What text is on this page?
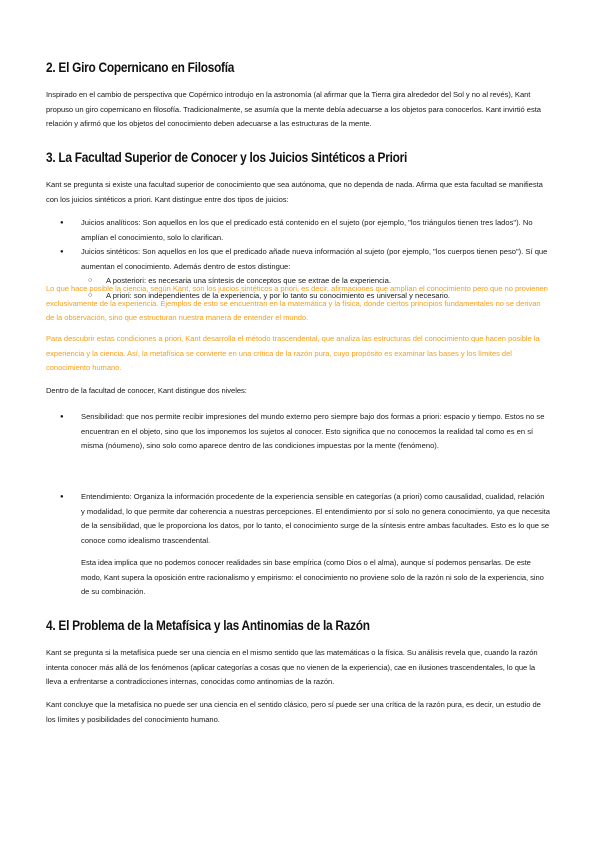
2. El Giro Copernicano en Filosofía

Inspirado en el cambio de perspectiva que Copérnico introdujo en la astronomía (al afirmar que la Tierra gira alrededor del Sol y no al revés), Kant propuso un giro copernicano en filosofía. Tradicionalmente, se asumía que la mente debía adecuarse a los objetos para conocerlos. Kant invirtió esta relación y afirmó que los objetos del conocimiento deben adecuarse a las estructuras de la mente.

3. La Facultad Superior de Conocer y los Juicios Sintéticos a Priori

Kant se pregunta si existe una facultad superior de conocimiento que sea autónoma, que no dependa de nada. Afirma que esta facultad se manifiesta con los juicios sintéticos a priori. Kant distingue entre dos tipos de juicios:

● Juicios analíticos: Son aquellos en los que el predicado está contenido en el sujeto (por ejemplo, "los triángulos tienen tres lados"). No amplían el conocimiento, solo lo clarifican.
● Juicios sintéticos: Son aquellos en los que el predicado añade nueva información al sujeto (por ejemplo, "los cuerpos tienen peso"). Sí que aumentan el conocimiento. Además dentro de estos distingue:
○ A posteriori: es necesaria una síntesis de conceptos que se extrae de la experiencia.
○ A priori: son independientes de la experiencia, y por lo tanto su conocimiento es universal y necesario.

Lo que hace posible la ciencia, según Kant, son los juicios sintéticos a priori, es decir, afirmaciones que amplían el conocimiento pero que no provienen exclusivamente de la experiencia. Ejemplos de esto se encuentran en la matemática y la física, donde ciertos principios fundamentales no se derivan de la observación, sino que estructuran nuestra manera de entender el mundo.

Para descubrir estas condiciones a priori, Kant desarrolla el método trascendental, que analiza las estructuras del conocimiento que hacen posible la experiencia y la ciencia. Así, la metafísica se convierte en una crítica de la razón pura, cuyo propósito es examinar las bases y los límites del conocimiento humano.

Dentro de la facultad de conocer, Kant distingue dos niveles:

● Sensibilidad: que nos permite recibir impresiones del mundo externo pero siempre bajo dos formas a priori: espacio y tiempo. Estos no se encuentran en el objeto, sino que los imponemos los sujetos al conocer. Esto significa que no conocemos la realidad tal como es en sí misma (nóumeno), sino solo como aparece dentro de las condiciones impuestas por la mente (fenómeno).
● Entendimiento: Organiza la información procedente de la experiencia sensible en categorías (a priori) como causalidad, cualidad, relación y modalidad, lo que permite dar coherencia a nuestras percepciones. El entendimiento por sí solo no genera conocimiento, ya que necesita de la sensibilidad, que le proporciona los datos, por lo tanto, el conocimiento surge de la síntesis entre ambas facultades. Esto es lo que se conoce como idealismo trascendental.

Esta idea implica que no podemos conocer realidades sin base empírica (como Dios o el alma), aunque sí podemos pensarlas. De este modo, Kant supera la oposición entre racionalismo y empirismo: el conocimiento no proviene solo de la razón ni solo de la experiencia, sino de su combinación.

4. El Problema de la Metafísica y las Antinomias de la Razón

Kant se pregunta si la metafísica puede ser una ciencia en el mismo sentido que las matemáticas o la física. Su análisis revela que, cuando la razón intenta conocer más allá de los fenómenos (aplicar categorías a cosas que no vienen de la experiencia), cae en ilusiones trascendentales, lo que la lleva a enfrentarse a contradicciones internas, conocidas como antinomias de la razón.

Kant concluye que la metafísica no puede ser una ciencia en el sentido clásico, pero sí puede ser una crítica de la razón pura, es decir, un estudio de los límites y posibilidades del conocimiento humano.
